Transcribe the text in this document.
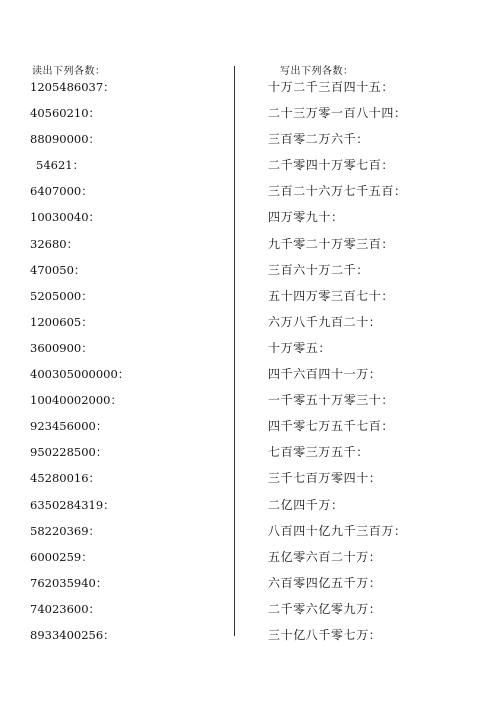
读出下列各数：
1205486037：
40560210：
88090000：
54621：
6407000：
10030040：
32680：
470050：
5205000：
1200605：
3600900：
400305000000：
10040002000：
923456000：
950228500：
45280016：
6350284319：
58220369：
6000259：
762035940：
74023600：
8933400256：
写出下列各数：
十万二千三百四十五：
二十三万零一百八十四：
三百零二万六千：
二千零四十万零七百：
三百二十六万七千五百：
四万零九十：
九千零二十万零三百：
三百六十万二千：
五十四万零三百七十：
六万八千九百二十：
十万零五：
四千六百四十一万：
一千零五十万零三十：
四千零七万五千七百：
七百零三万五千：
三千七百万零四十：
二亿四千万：
八百四十亿九千三百万：
五亿零六百二十万：
六百零四亿五千万：
二千零六亿零九万：
三十亿八千零七万：
